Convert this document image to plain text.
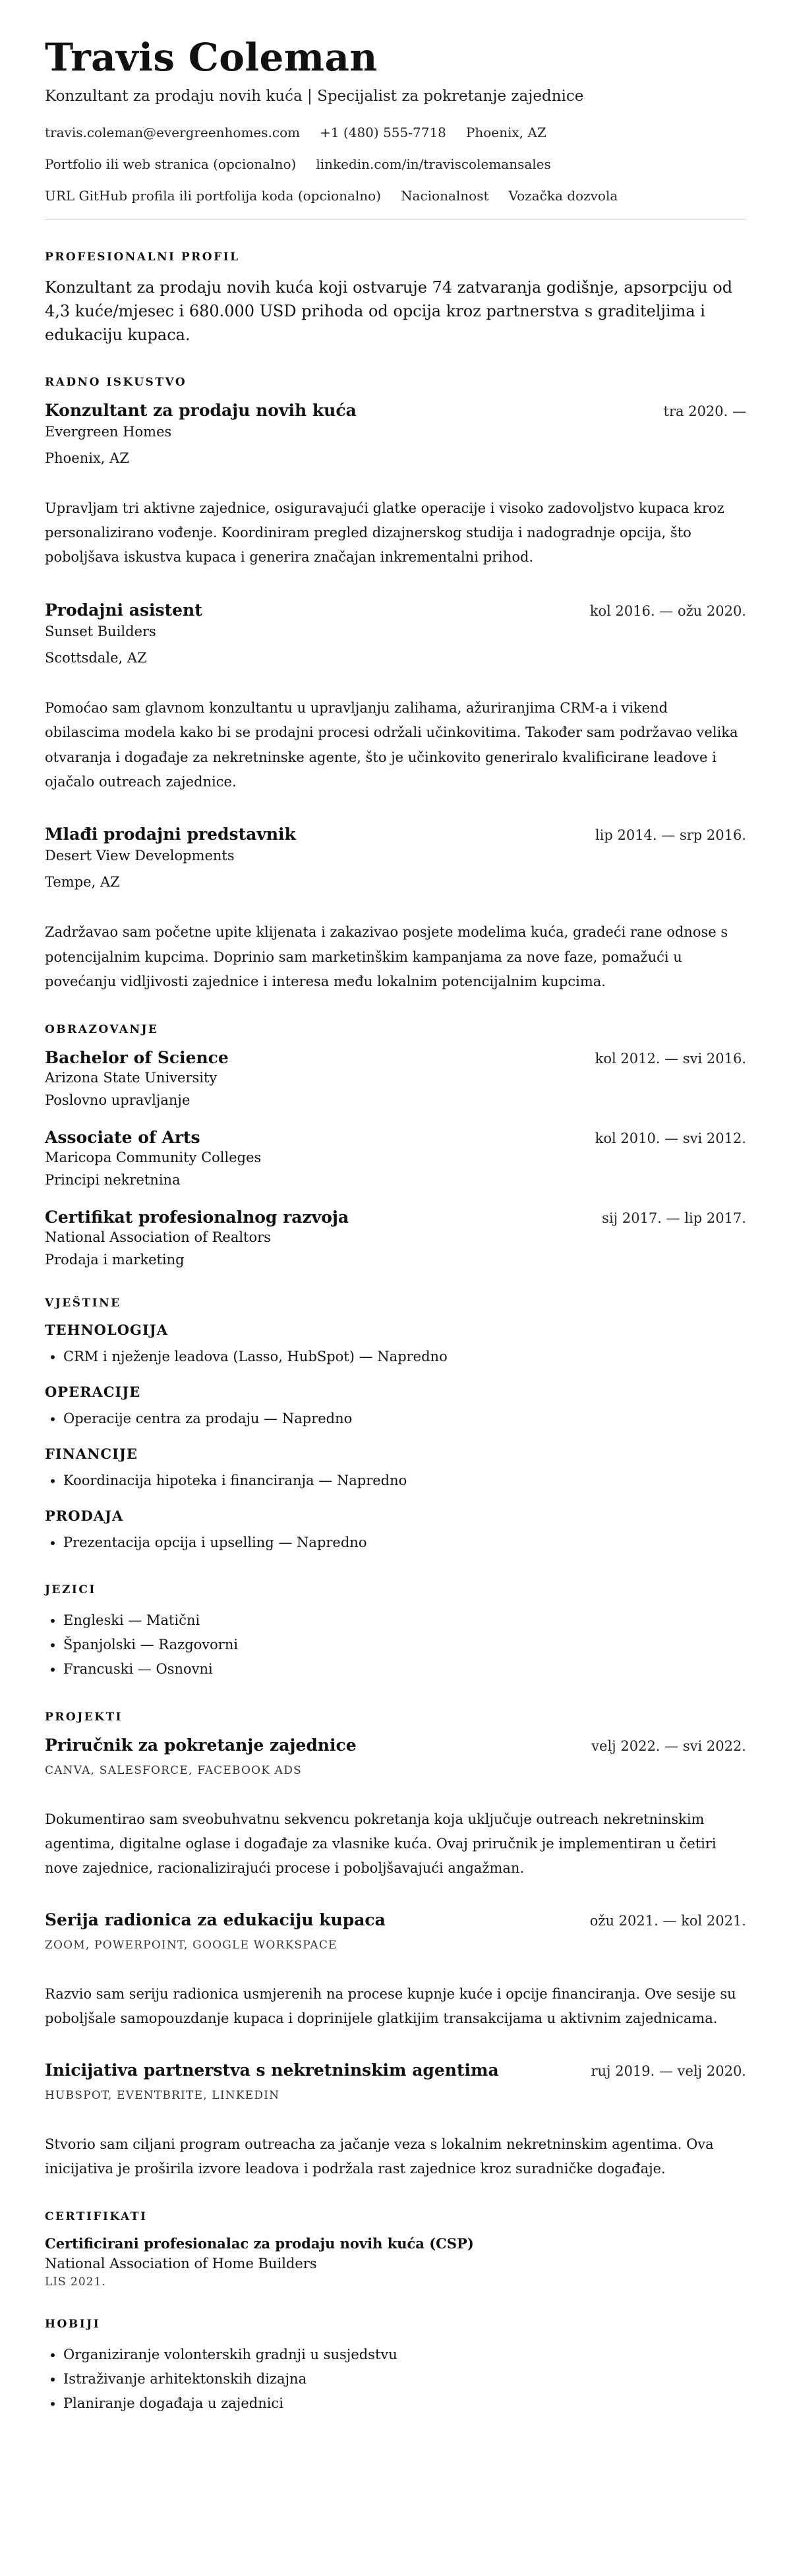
Travis Coleman

Konzultant za prodaju novih kuća | Specijalist za pokretanje zajednice

travis.coleman@evergreenhomes.com +1 (480) 555-7718 Phoenix, AZ
Portfolio ili web stranica (opcionalno) linkedin.com/in/traviscolemansales
URL GitHub profila ili portfolija koda (opcionalno) Nacionalnost Vozačka dozvola
PROFESIONALNI PROFIL

Konzultant za prodaju novih kuća koji ostvaruje 74 zatvaranja godišnje, apsorpciju od 4,3 kuće/mjesec i 680.000 USD prihoda od opcija kroz partnerstva s graditeljima i edukaciju kupaca.

RADNO ISKUSTVO
Konzultant za prodaju novih kuća	tra 2020. —

Evergreen Homes

Phoenix, AZ

Upravljam tri aktivne zajednice, osiguravajući glatke operacije i visoko zadovoljstvo kupaca kroz personalizirano vođenje. Koordiniram pregled dizajnerskog studija i nadogradnje opcija, što poboljšava iskustva kupaca i generira značajan inkrementalni prihod.

Prodajni asistent	kol 2016. — ožu 2020.

Sunset Builders

Scottsdale, AZ

Pomoćao sam glavnom konzultantu u upravljanju zalihama, ažuriranjima CRM-a i vikend obilascima modela kako bi se prodajni procesi održali učinkovitima. Također sam podržavao velika otvaranja i događaje za nekretninske agente, što je učinkovito generiralo kvalificirane leadove i ojačalo outreach zajednice.

Mlađi prodajni predstavnik	lip 2014. — srp 2016.

Desert View Developments

Tempe, AZ

Zadržavao sam početne upite klijenata i zakazivao posjete modelima kuća, gradeći rane odnose s potencijalnim kupcima. Doprinio sam marketinškim kampanjama za nove faze, pomažući u povećanju vidljivosti zajednice i interesa među lokalnim potencijalnim kupcima.

OBRAZOVANJE
Bachelor of Science	kol 2012. — svi 2016.

Arizona State University

Poslovno upravljanje

Associate of Arts	kol 2010. — svi 2012.

Maricopa Community Colleges

Principi nekretnina

Certifikat profesionalnog razvoja	sij 2017. — lip 2017.

National Association of Realtors

Prodaja i marketing

VJEŠTINE
TEHNOLOGIJA
• CRM i nježenje leadova (Lasso, HubSpot) — Napredno
OPERACIJE
• Operacije centra za prodaju — Napredno
FINANCIJE
• Koordinacija hipoteka i financiranja — Napredno
PRODAJA
• Prezentacija opcija i upselling — Napredno
JEZICI
• Engleski — Matični
• Španjolski — Razgovorni
• Francuski — Osnovni
PROJEKTI
Priručnik za pokretanje zajednice	velj 2022. — svi 2022.

CANVA, SALESFORCE, FACEBOOK ADS

Dokumentirao sam sveobuhvatnu sekvencu pokretanja koja uključuje outreach nekretninskim agentima, digitalne oglase i događaje za vlasnike kuća. Ovaj priručnik je implementiran u četiri nove zajednice, racionalizirajući procese i poboljšavajući angažman.

Serija radionica za edukaciju kupaca	ožu 2021. — kol 2021.

ZOOM, POWERPOINT, GOOGLE WORKSPACE

Razvio sam seriju radionica usmjerenih na procese kupnje kuće i opcije financiranja. Ove sesije su poboljšale samopouzdanje kupaca i doprinijele glatkijim transakcijama u aktivnim zajednicama.

Inicijativa partnerstva s nekretninskim agentima	ruj 2019. — velj 2020.

HUBSPOT, EVENTBRITE, LINKEDIN

Stvorio sam ciljani program outreacha za jačanje veza s lokalnim nekretninskim agentima. Ova inicijativa je proširila izvore leadova i podržala rast zajednice kroz suradničke događaje.

CERTIFIKATI

Certificirani profesionalac za prodaju novih kuća (CSP)

National Association of Home Builders

LIS 2021.

HOBIJI
• Organiziranje volonterskih gradnji u susjedstvu
• Istraživanje arhitektonskih dizajna
• Planiranje događaja u zajednici
